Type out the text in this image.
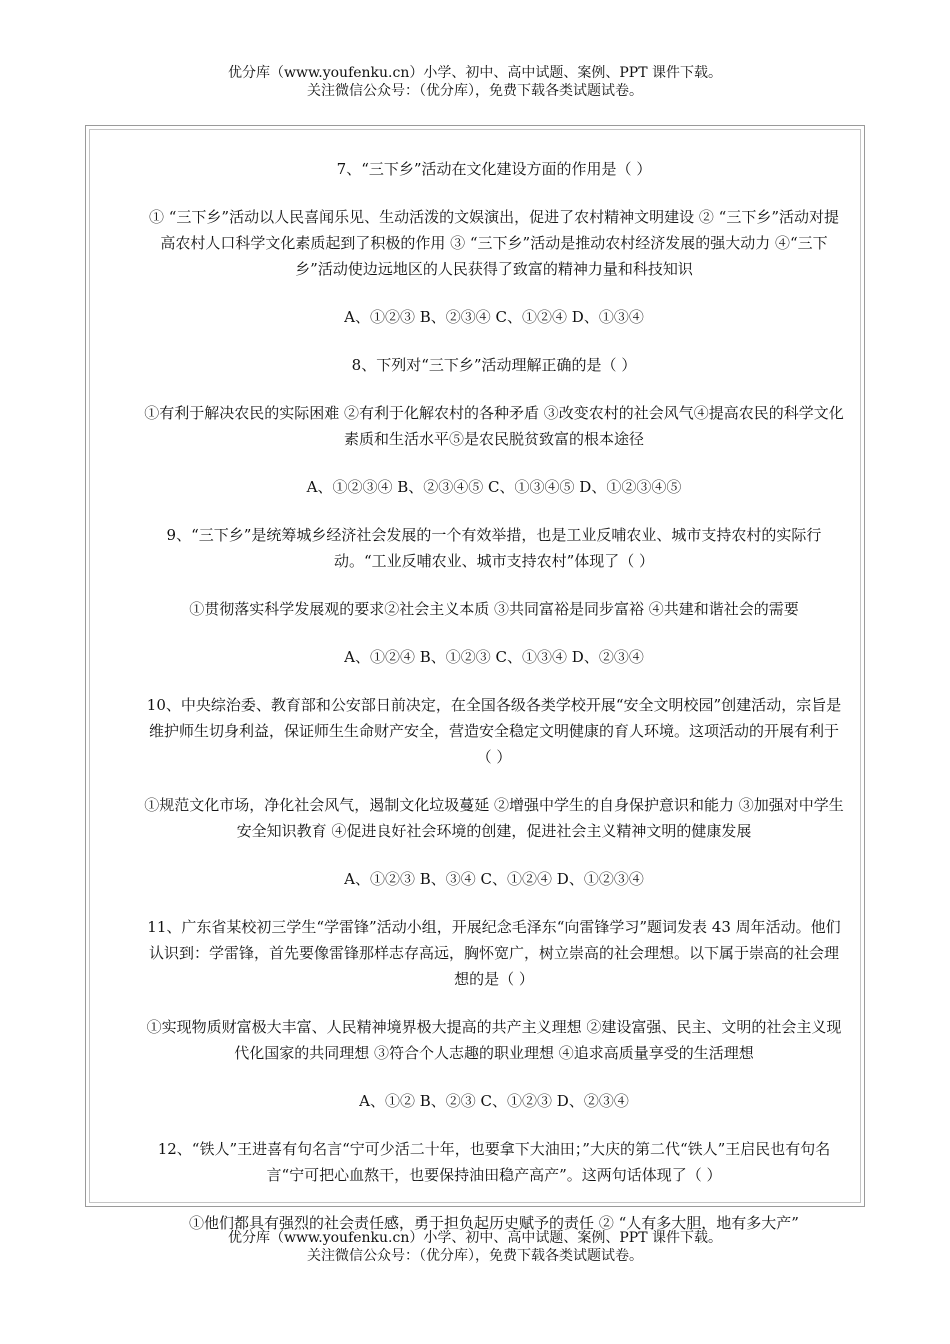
优分库（www.youfenku.cn）小学、初中、高中试题、案例、PPT 课件下载。
关注微信公众号：（优分库），免费下载各类试题试卷。

7、“三下乡”活动在文化建设方面的作用是（ ）

① “三下乡”活动以人民喜闻乐见、生动活泼的文娱演出，促进了农村精神文明建设 ② “三下乡”活动对提高农村人口科学文化素质起到了积极的作用 ③ “三下乡”活动是推动农村经济发展的强大动力 ④“三下乡”活动使边远地区的人民获得了致富的精神力量和科技知识

A、①②③ B、②③④ C、①②④ D、①③④

8、下列对“三下乡”活动理解正确的是（ ）

①有利于解决农民的实际困难 ②有利于化解农村的各种矛盾 ③改变农村的社会风气④提高农民的科学文化素质和生活水平⑤是农民脱贫致富的根本途径

A、①②③④ B、②③④⑤ C、①③④⑤ D、①②③④⑤

9、“三下乡”是统筹城乡经济社会发展的一个有效举措，也是工业反哺农业、城市支持农村的实际行动。“工业反哺农业、城市支持农村”体现了（ ）

①贯彻落实科学发展观的要求②社会主义本质 ③共同富裕是同步富裕 ④共建和谐社会的需要

A、①②④ B、①②③ C、①③④ D、②③④

10、中央综治委、教育部和公安部日前决定，在全国各级各类学校开展“安全文明校园”创建活动，宗旨是维护师生切身利益，保证师生生命财产安全，营造安全稳定文明健康的育人环境。这项活动的开展有利于（ ）

①规范文化市场，净化社会风气，遏制文化垃圾蔓延 ②增强中学生的自身保护意识和能力 ③加强对中学生安全知识教育 ④促进良好社会环境的创建，促进社会主义精神文明的健康发展

A、①②③ B、③④ C、①②④ D、①②③④

11、广东省某校初三学生“学雷锋”活动小组，开展纪念毛泽东“向雷锋学习”题词发表 43 周年活动。他们认识到：学雷锋，首先要像雷锋那样志存高远，胸怀宽广，树立崇高的社会理想。以下属于崇高的社会理想的是（ ）

①实现物质财富极大丰富、人民精神境界极大提高的共产主义理想 ②建设富强、民主、文明的社会主义现代化国家的共同理想 ③符合个人志趣的职业理想 ④追求高质量享受的生活理想

A、①② B、②③ C、①②③ D、②③④

12、“铁人”王进喜有句名言“宁可少活二十年，也要拿下大油田；”大庆的第二代“铁人”王启民也有句名言“宁可把心血熬干，也要保持油田稳产高产”。这两句话体现了（ ）

①他们都具有强烈的社会责任感，勇于担负起历史赋予的责任 ② “人有多大胆，地有多大产”

优分库（www.youfenku.cn）小学、初中、高中试题、案例、PPT 课件下载。
关注微信公众号：（优分库），免费下载各类试题试卷。
